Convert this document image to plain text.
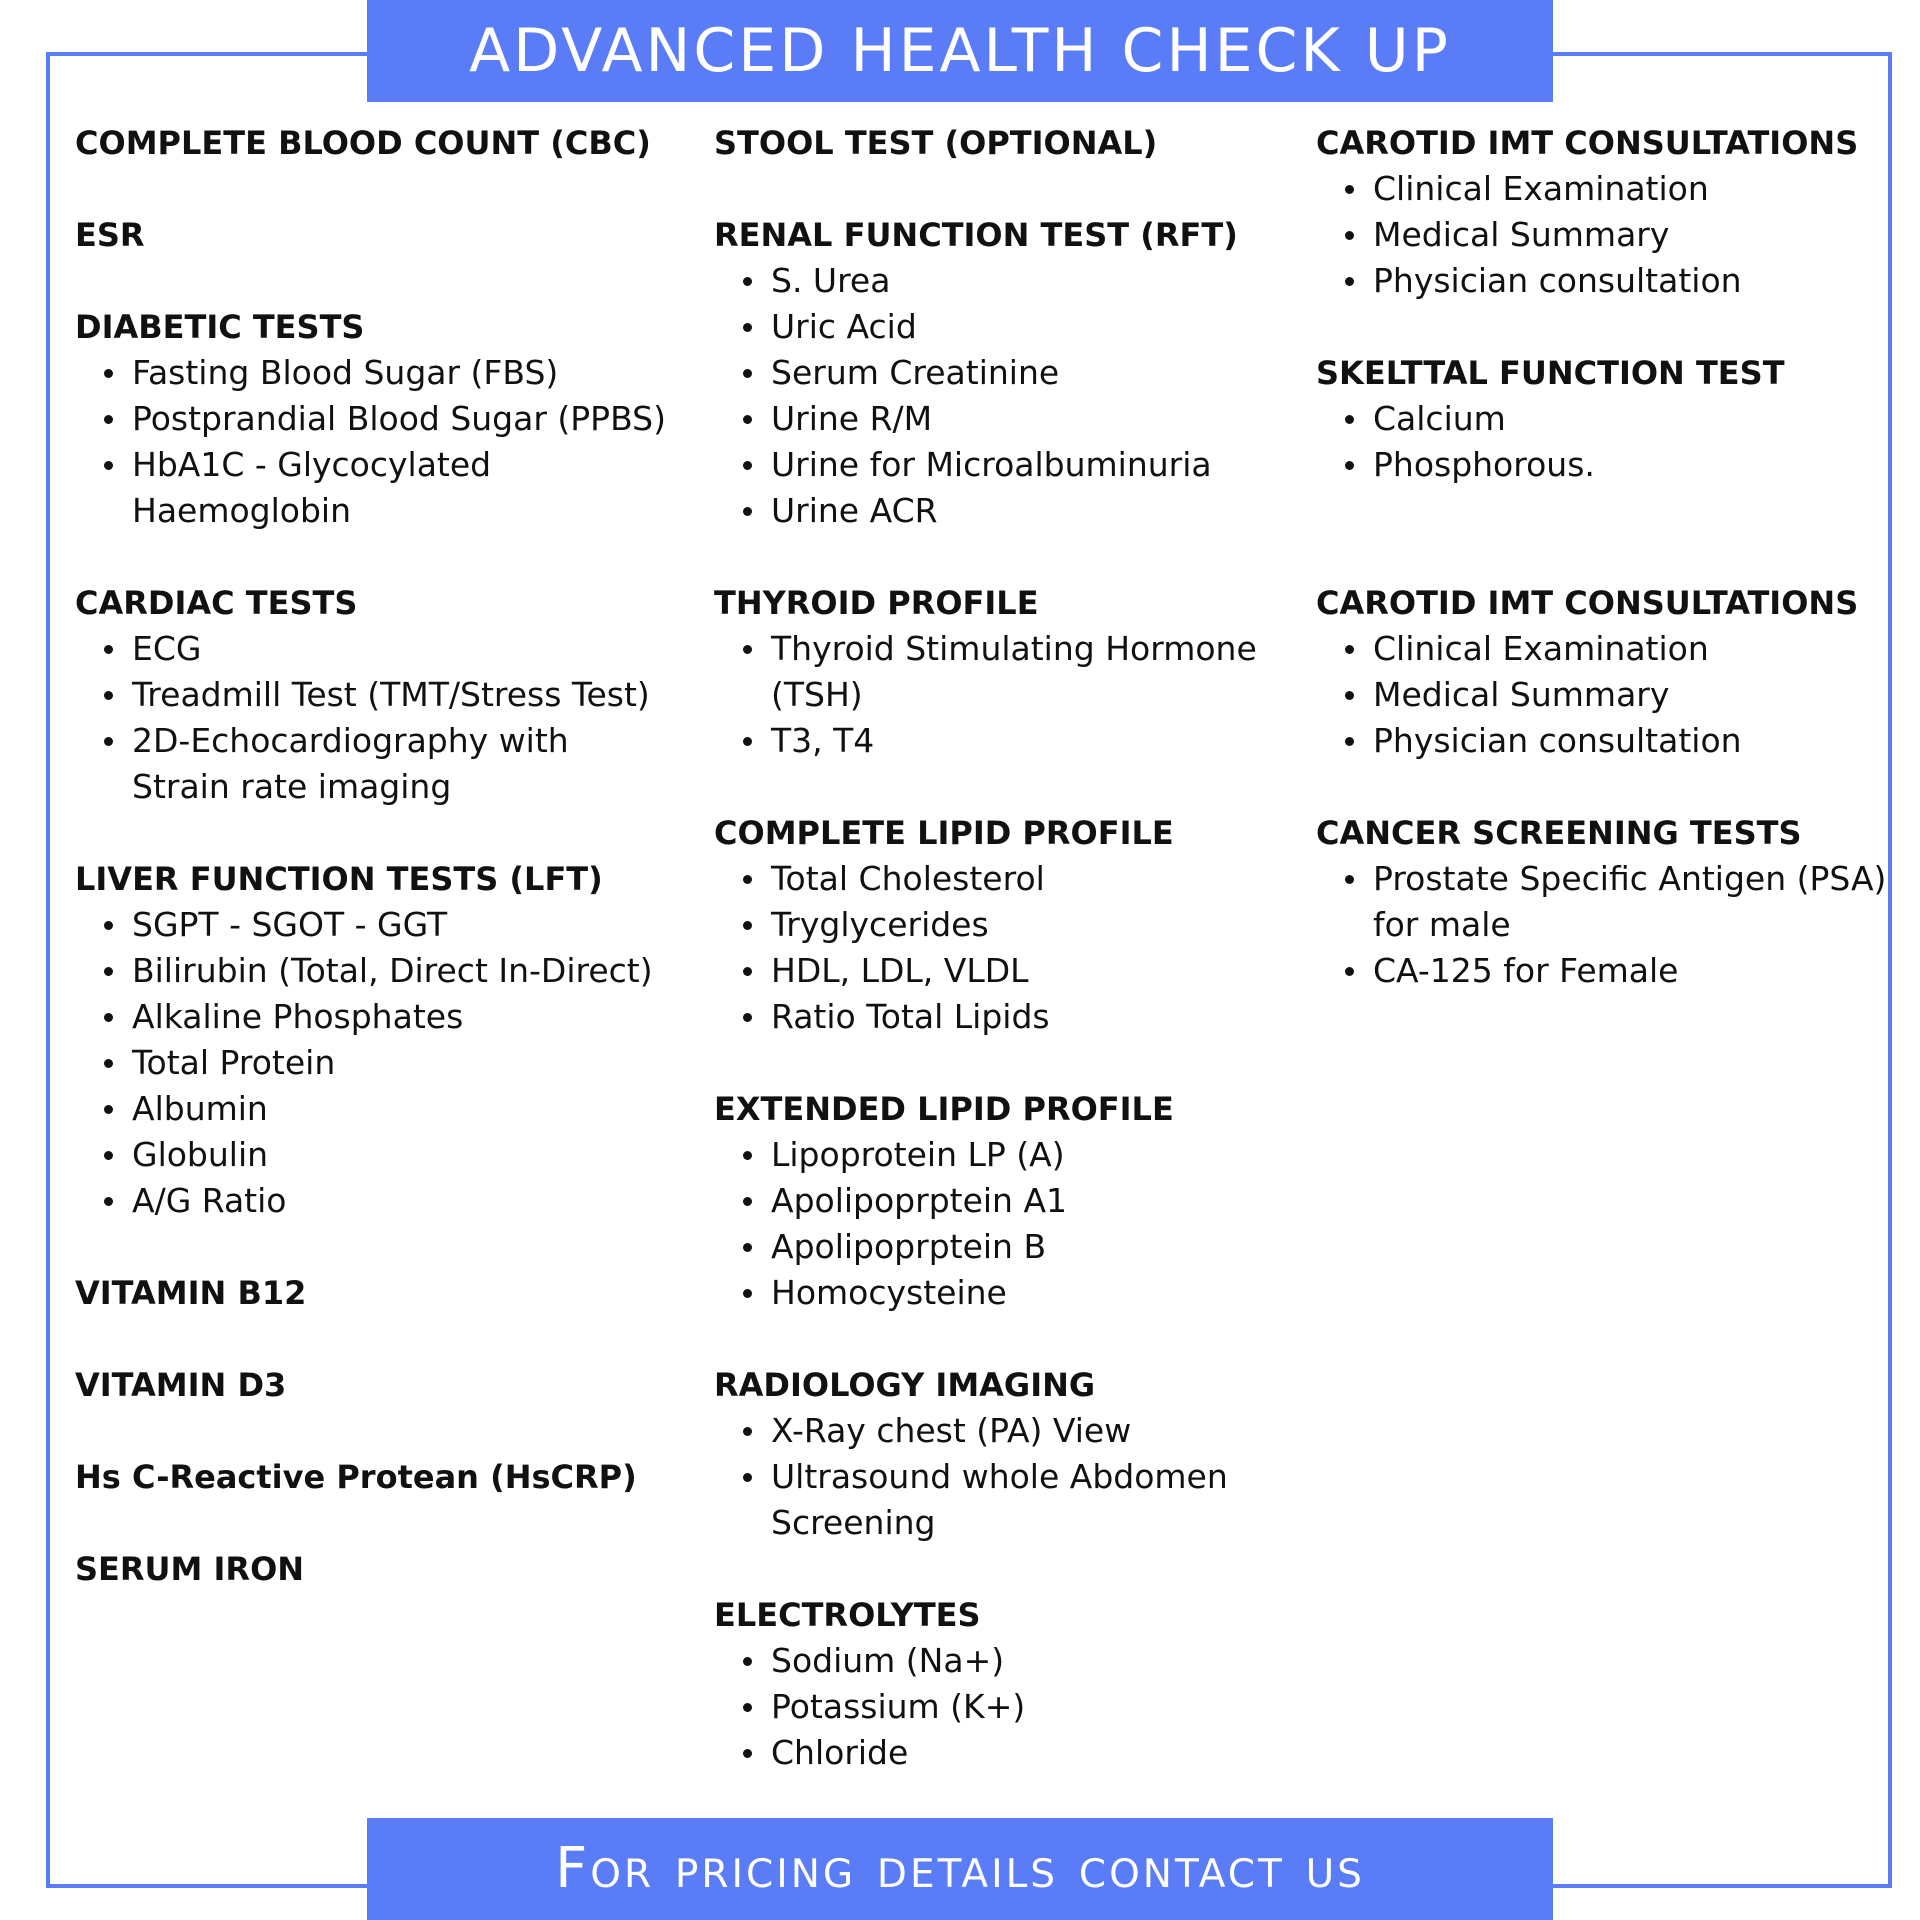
ADVANCED HEALTH CHECK UP
COMPLETE BLOOD COUNT (CBC)
ESR
DIABETIC TESTS
Fasting Blood Sugar (FBS)
Postprandial Blood Sugar (PPBS)
HbA1C - Glycocylated Haemoglobin
CARDIAC TESTS
ECG
Treadmill Test (TMT/Stress Test)
2D-Echocardiography with Strain rate imaging
LIVER FUNCTION TESTS (LFT)
SGPT - SGOT - GGT
Bilirubin (Total, Direct In-Direct)
Alkaline Phosphates
Total Protein
Albumin
Globulin
A/G Ratio
VITAMIN B12
VITAMIN D3
Hs C-Reactive Protean (HsCRP)
SERUM IRON
STOOL TEST (OPTIONAL)
RENAL FUNCTION TEST (RFT)
S. Urea
Uric Acid
Serum Creatinine
Urine R/M
Urine for Microalbuminuria
Urine ACR
THYROID PROFILE
Thyroid Stimulating Hormone (TSH)
T3, T4
COMPLETE LIPID PROFILE
Total Cholesterol
Tryglycerides
HDL, LDL, VLDL
Ratio Total Lipids
EXTENDED LIPID PROFILE
Lipoprotein LP (A)
Apolipoprptein A1
Apolipoprptein B
Homocysteine
RADIOLOGY IMAGING
X-Ray chest (PA) View
Ultrasound whole Abdomen Screening
ELECTROLYTES
Sodium (Na+)
Potassium (K+)
Chloride
CAROTID IMT CONSULTATIONS
Clinical Examination
Medical Summary
Physician consultation
SKELTTAL FUNCTION TEST
Calcium
Phosphorous.
CAROTID IMT CONSULTATIONS
Clinical Examination
Medical Summary
Physician consultation
CANCER SCREENING TESTS
Prostate Specific Antigen (PSA) for male
CA-125 for Female
For pricing details contact us
